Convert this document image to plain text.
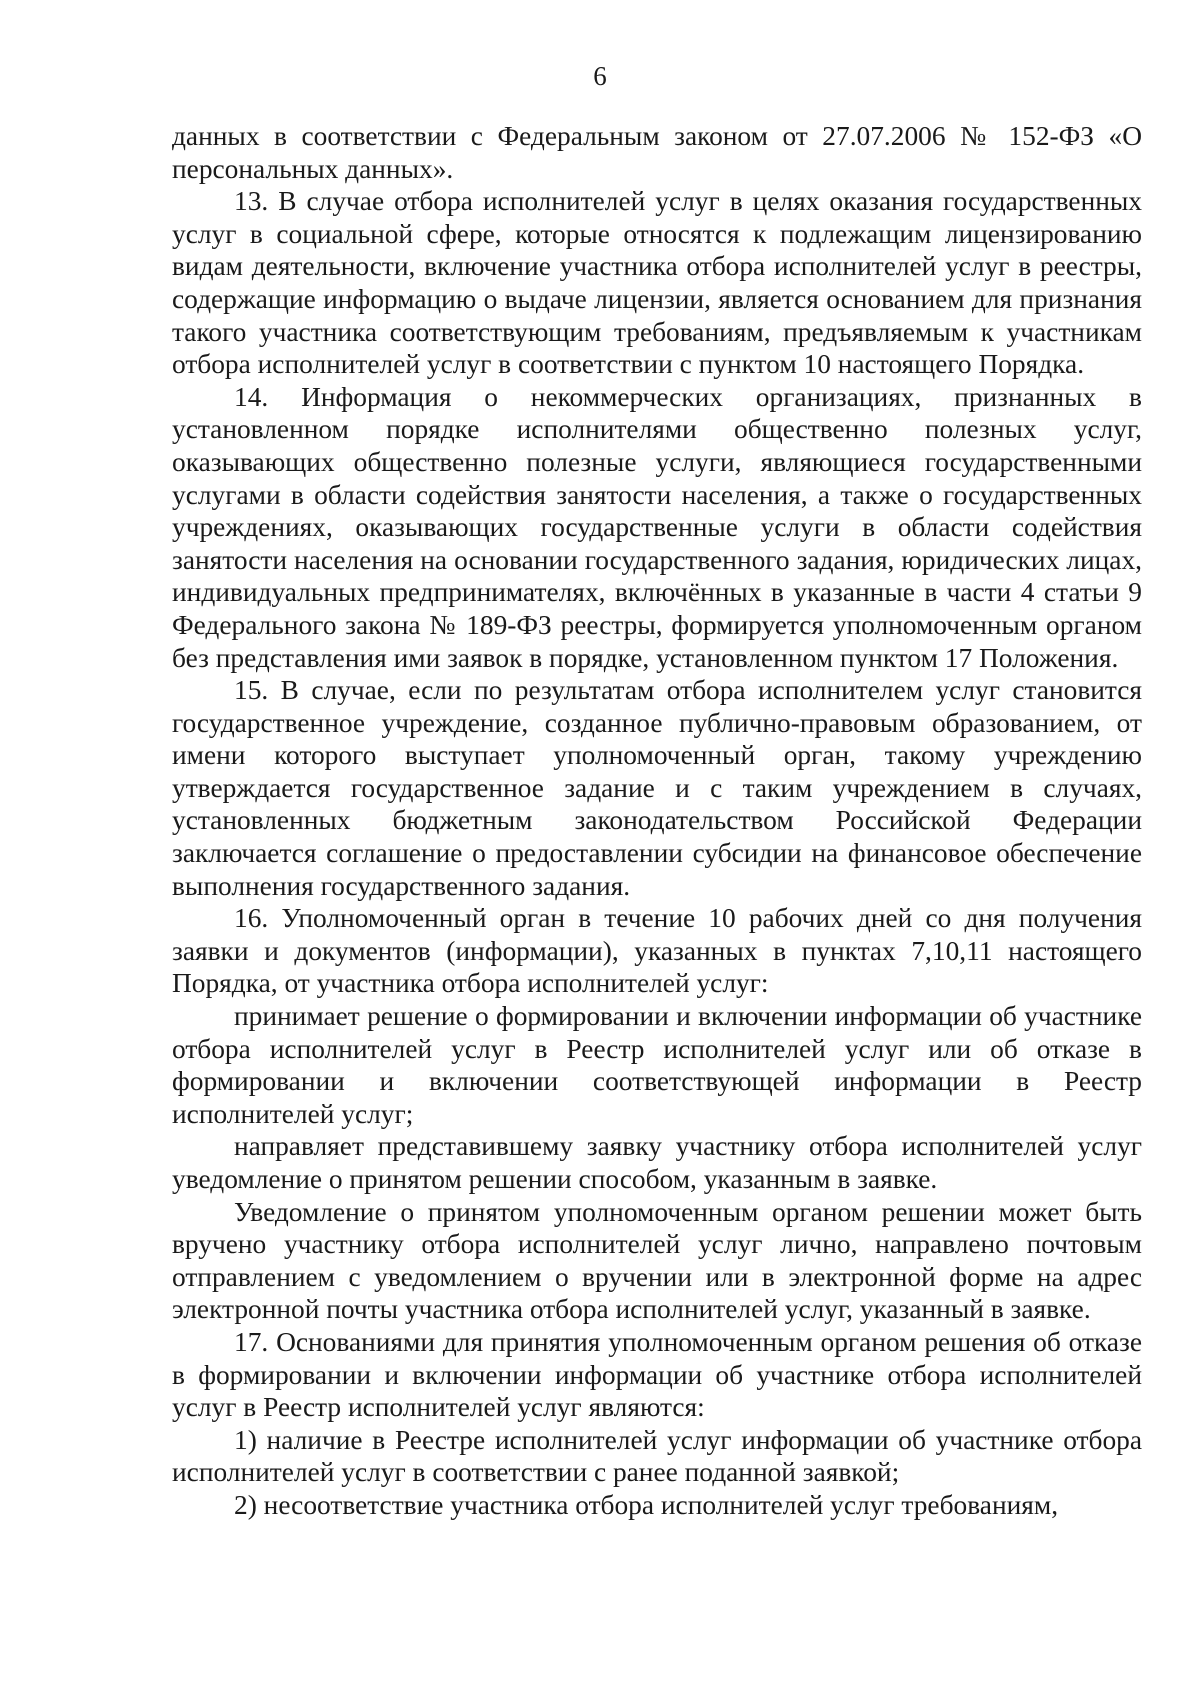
6

данных в соответствии с Федеральным законом от 27.07.2006 № 152-ФЗ «О персональных данных».

13. В случае отбора исполнителей услуг в целях оказания государственных услуг в социальной сфере, которые относятся к подлежащим лицензированию видам деятельности, включение участника отбора исполнителей услуг в реестры, содержащие информацию о выдаче лицензии, является основанием для признания такого участника соответствующим требованиям, предъявляемым к участникам отбора исполнителей услуг в соответствии с пунктом 10 настоящего Порядка.

14. Информация о некоммерческих организациях, признанных в установленном порядке исполнителями общественно полезных услуг, оказывающих общественно полезные услуги, являющиеся государственными услугами в области содействия занятости населения, а также о государственных учреждениях, оказывающих государственные услуги в области содействия занятости населения на основании государственного задания, юридических лицах, индивидуальных предпринимателях, включённых в указанные в части 4 статьи 9 Федерального закона № 189-ФЗ реестры, формируется уполномоченным органом без представления ими заявок в порядке, установленном пунктом 17 Положения.

15. В случае, если по результатам отбора исполнителем услуг становится государственное учреждение, созданное публично-правовым образованием, от имени которого выступает уполномоченный орган, такому учреждению утверждается государственное задание и с таким учреждением в случаях, установленных бюджетным законодательством Российской Федерации заключается соглашение о предоставлении субсидии на финансовое обеспечение выполнения государственного задания.

16. Уполномоченный орган в течение 10 рабочих дней со дня получения заявки и документов (информации), указанных в пунктах 7,10,11 настоящего Порядка, от участника отбора исполнителей услуг:

принимает решение о формировании и включении информации об участнике отбора исполнителей услуг в Реестр исполнителей услуг или об отказе в формировании и включении соответствующей информации в Реестр исполнителей услуг;

направляет представившему заявку участнику отбора исполнителей услуг уведомление о принятом решении способом, указанным в заявке.

Уведомление о принятом уполномоченным органом решении может быть вручено участнику отбора исполнителей услуг лично, направлено почтовым отправлением с уведомлением о вручении или в электронной форме на адрес электронной почты участника отбора исполнителей услуг, указанный в заявке.

17. Основаниями для принятия уполномоченным органом решения об отказе в формировании и включении информации об участнике отбора исполнителей услуг в Реестр исполнителей услуг являются:

1) наличие в Реестре исполнителей услуг информации об участнике отбора исполнителей услуг в соответствии с ранее поданной заявкой;

2) несоответствие участника отбора исполнителей услуг требованиям,
